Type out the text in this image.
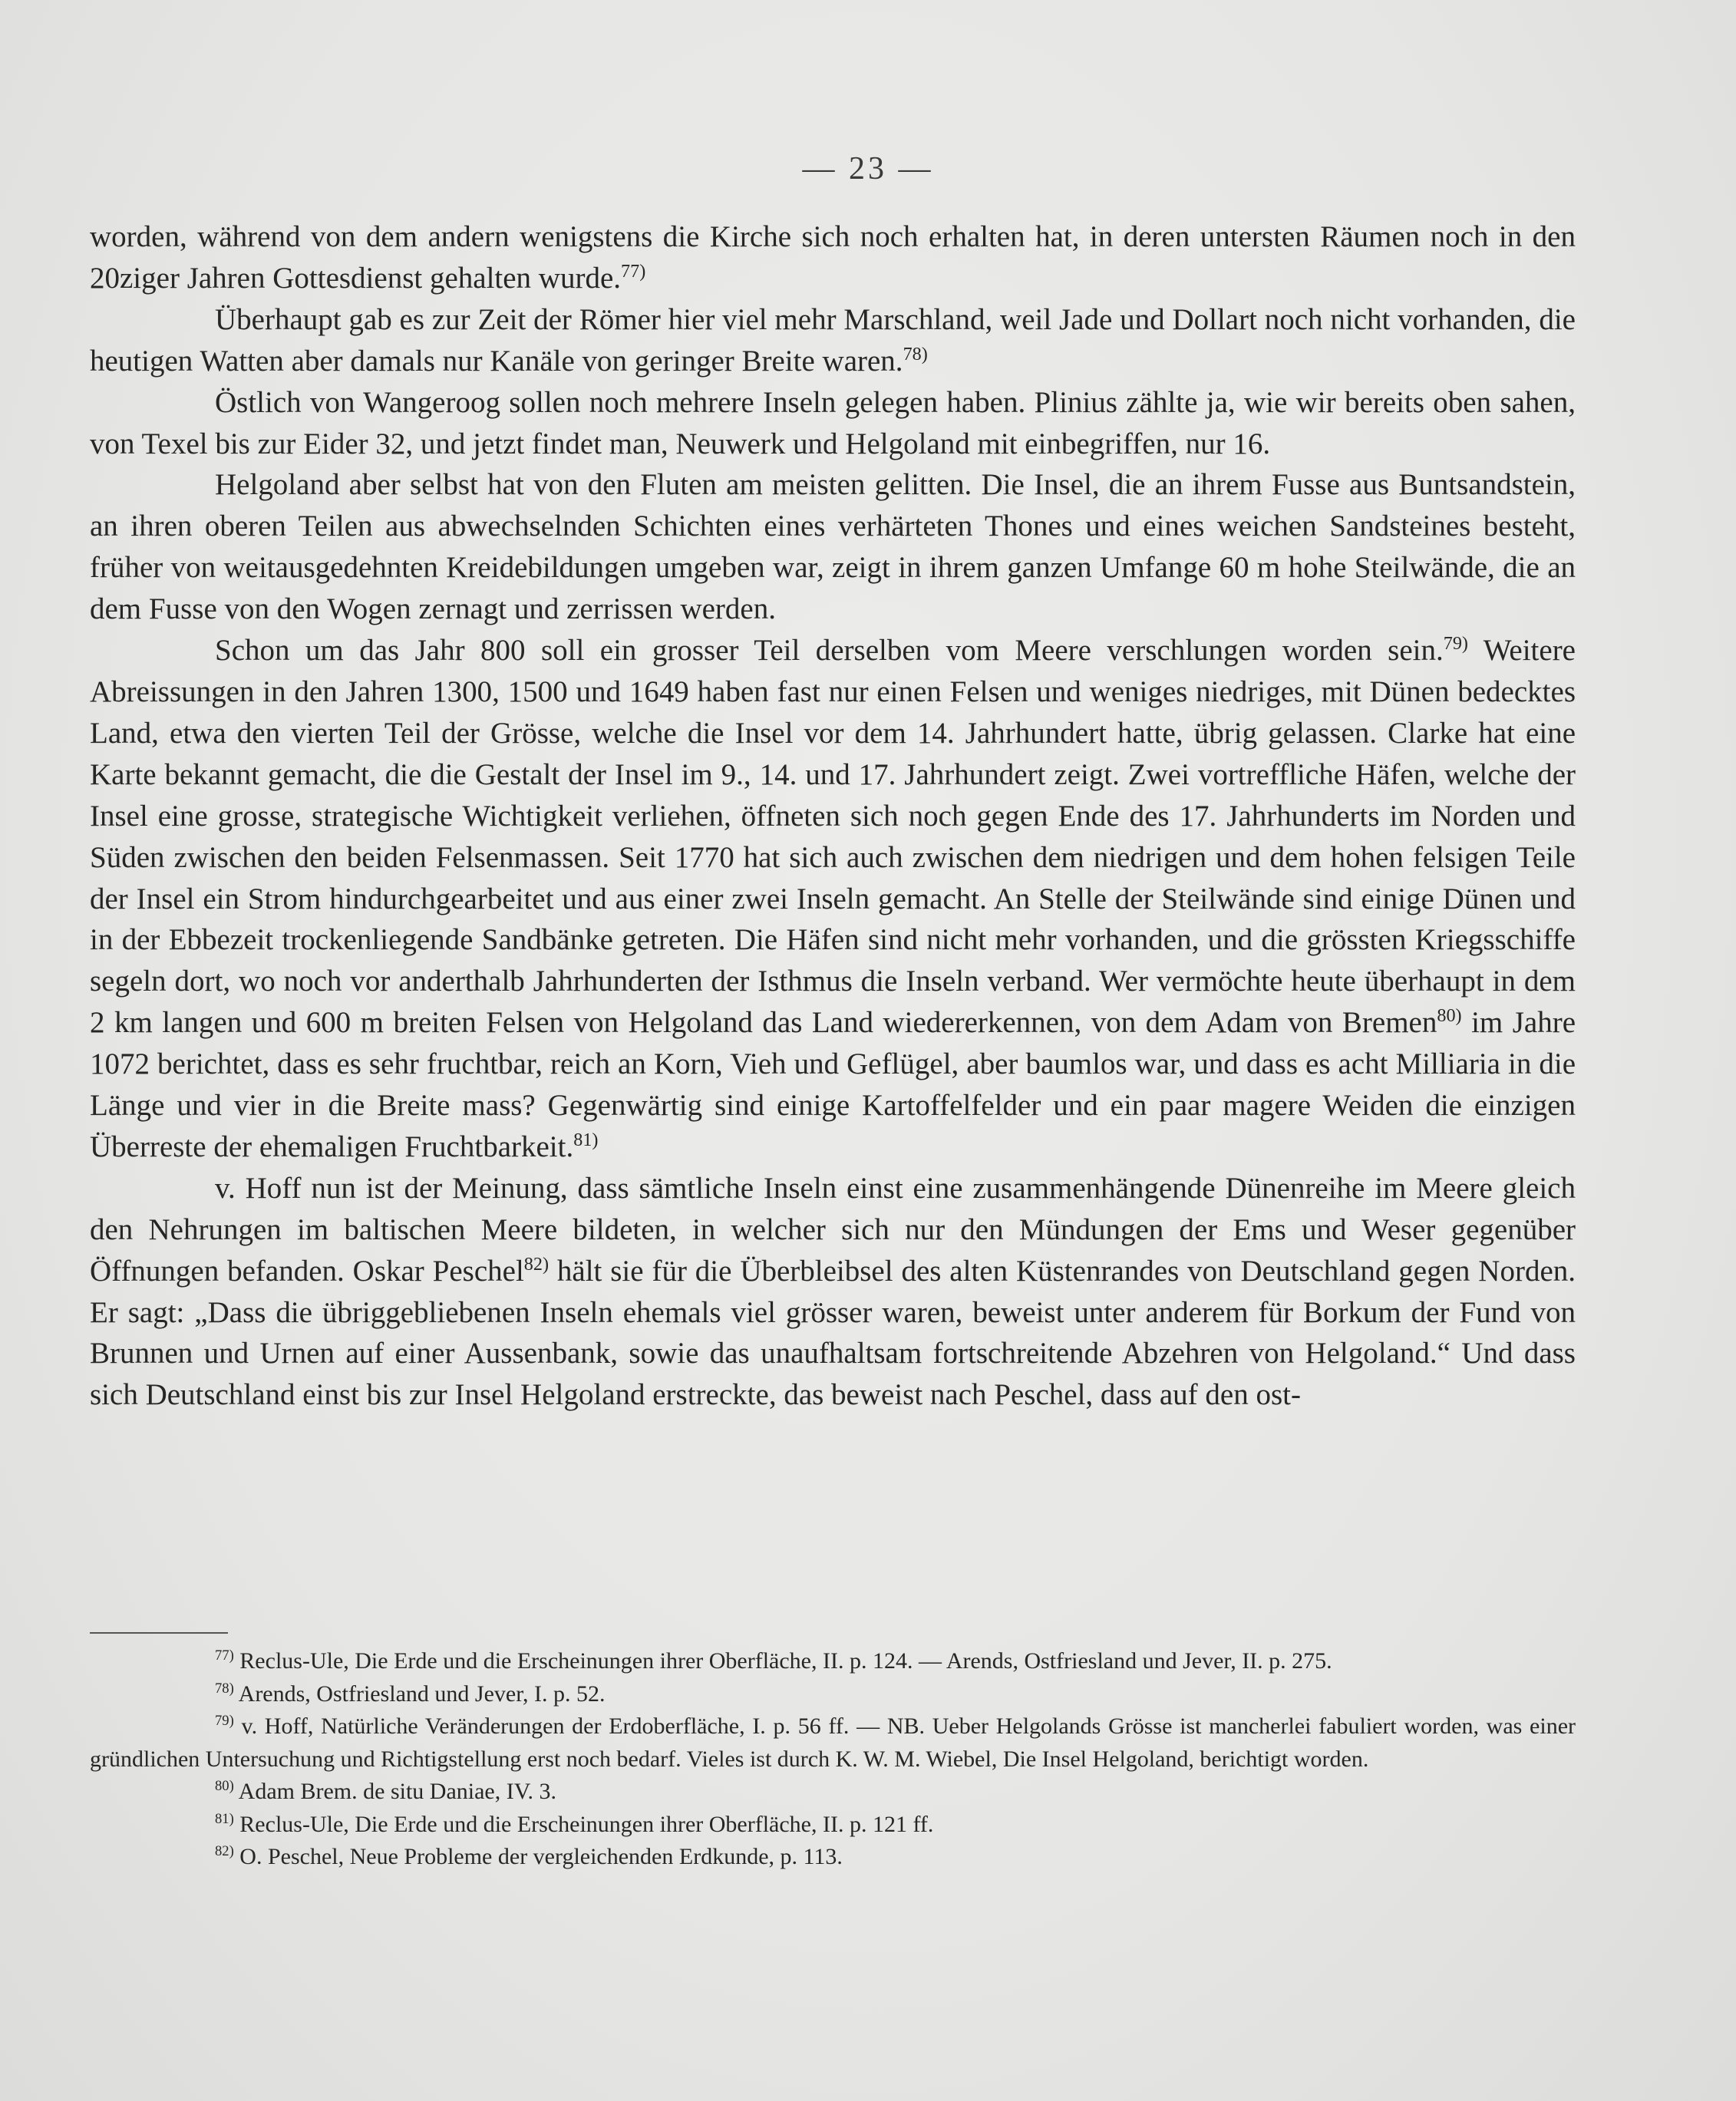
— 23 —

worden, während von dem andern wenigstens die Kirche sich noch erhalten hat, in deren untersten Räumen noch in den 20ziger Jahren Gottesdienst gehalten wurde.$^{77)}$

Überhaupt gab es zur Zeit der Römer hier viel mehr Marschland, weil Jade und Dollart noch nicht vorhanden, die heutigen Watten aber damals nur Kanäle von geringer Breite waren.$^{78)}$

Östlich von Wangeroog sollen noch mehrere Inseln gelegen haben. Plinius zählte ja, wie wir bereits oben sahen, von Texel bis zur Eider 32, und jetzt findet man, Neuwerk und Helgoland mit einbegriffen, nur 16.

Helgoland aber selbst hat von den Fluten am meisten gelitten. Die Insel, die an ihrem Fusse aus Buntsandstein, an ihren oberen Teilen aus abwechselnden Schichten eines verhärteten Thones und eines weichen Sandsteines besteht, früher von weitausgedehnten Kreidebildungen umgeben war, zeigt in ihrem ganzen Umfange 60 m hohe Steilwände, die an dem Fusse von den Wogen zernagt und zerrissen werden.

Schon um das Jahr 800 soll ein grosser Teil derselben vom Meere verschlungen worden sein.$^{79)}$ Weitere Abreissungen in den Jahren 1300, 1500 und 1649 haben fast nur einen Felsen und weniges niedriges, mit Dünen bedecktes Land, etwa den vierten Teil der Grösse, welche die Insel vor dem 14. Jahrhundert hatte, übrig gelassen. Clarke hat eine Karte bekannt gemacht, die die Gestalt der Insel im 9., 14. und 17. Jahrhundert zeigt. Zwei vortreffliche Häfen, welche der Insel eine grosse, strategische Wichtigkeit verliehen, öffneten sich noch gegen Ende des 17. Jahrhunderts im Norden und Süden zwischen den beiden Felsenmassen. Seit 1770 hat sich auch zwischen dem niedrigen und dem hohen felsigen Teile der Insel ein Strom hindurchgearbeitet und aus einer zwei Inseln gemacht. An Stelle der Steilwände sind einige Dünen und in der Ebbezeit trockenliegende Sandbänke getreten. Die Häfen sind nicht mehr vorhanden, und die grössten Kriegsschiffe segeln dort, wo noch vor anderthalb Jahrhunderten der Isthmus die Inseln verband. Wer vermöchte heute überhaupt in dem 2 km langen und 600 m breiten Felsen von Helgoland das Land wiedererkennen, von dem Adam von Bremen$^{80)}$ im Jahre 1072 berichtet, dass es sehr fruchtbar, reich an Korn, Vieh und Geflügel, aber baumlos war, und dass es acht Milliaria in die Länge und vier in die Breite mass? Gegenwärtig sind einige Kartoffelfelder und ein paar magere Weiden die einzigen Überreste der ehemaligen Fruchtbarkeit.$^{81)}$

v. Hoff nun ist der Meinung, dass sämtliche Inseln einst eine zusammenhängende Dünenreihe im Meere gleich den Nehrungen im baltischen Meere bildeten, in welcher sich nur den Mündungen der Ems und Weser gegenüber Öffnungen befanden. Oskar Peschel$^{82)}$ hält sie für die Überbleibsel des alten Küstenrandes von Deutschland gegen Norden. Er sagt: „Dass die übriggebliebenen Inseln ehemals viel grösser waren, beweist unter anderem für Borkum der Fund von Brunnen und Urnen auf einer Aussenbank, sowie das unaufhaltsam fortschreitende Abzehren von Helgoland.“ Und dass sich Deutschland einst bis zur Insel Helgoland erstreckte, das beweist nach Peschel, dass auf den ost-

$^{77)}$ Reclus-Ule, Die Erde und die Erscheinungen ihrer Oberfläche, II. p. 124. — Arends, Ostfriesland und Jever, II. p. 275.

$^{78)}$ Arends, Ostfriesland und Jever, I. p. 52.

$^{79)}$ v. Hoff, Natürliche Veränderungen der Erdoberfläche, I. p. 56 ff. — NB. Ueber Helgolands Grösse ist mancherlei fabuliert worden, was einer gründlichen Untersuchung und Richtigstellung erst noch bedarf. Vieles ist durch K. W. M. Wiebel, Die Insel Helgoland, berichtigt worden.

$^{80)}$ Adam Brem. de situ Daniae, IV. 3.

$^{81)}$ Reclus-Ule, Die Erde und die Erscheinungen ihrer Oberfläche, II. p. 121 ff.

$^{82)}$ O. Peschel, Neue Probleme der vergleichenden Erdkunde, p. 113.
